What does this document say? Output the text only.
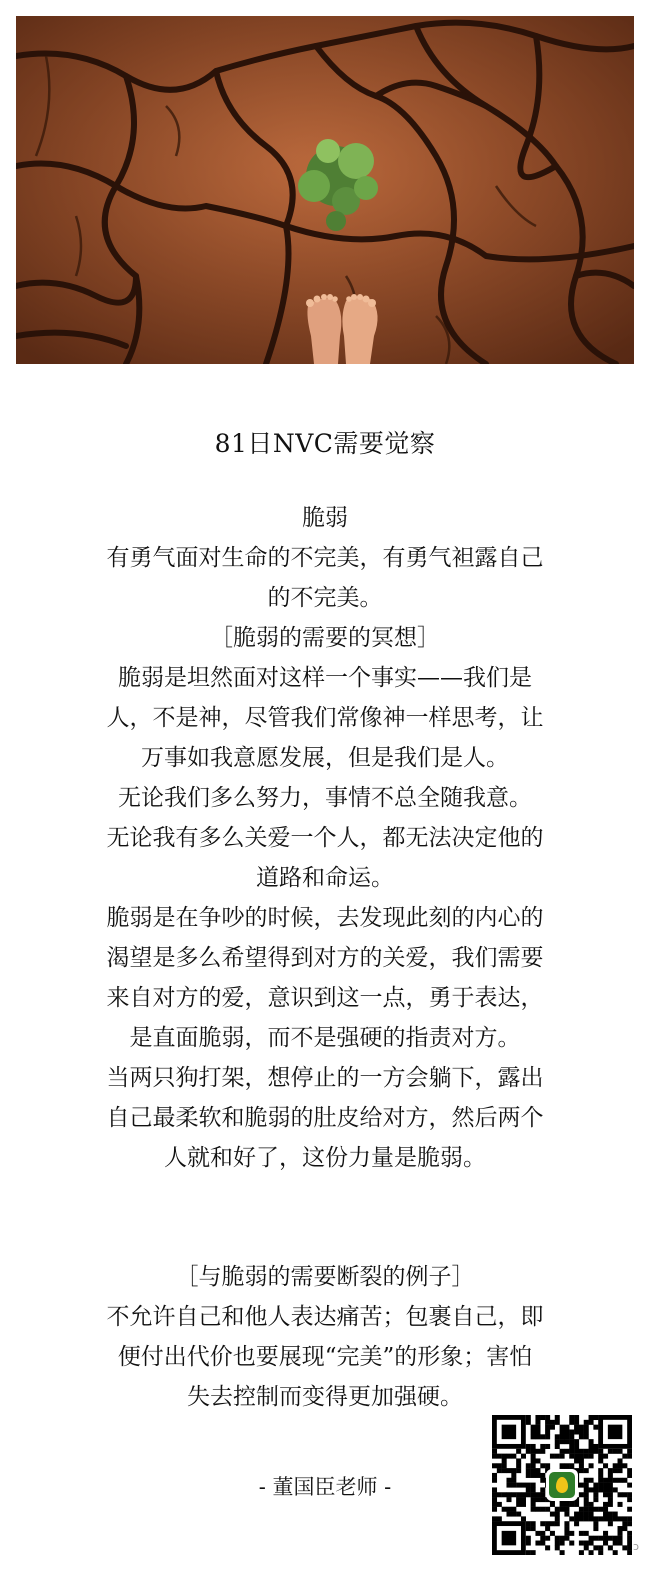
81日NVC需要觉察
脆弱
有勇气面对生命的不完美，有勇气袒露自己
的不完美。
［脆弱的需要的冥想］
脆弱是坦然面对这样一个事实——我们是
人，不是神，尽管我们常像神一样思考，让
万事如我意愿发展，但是我们是人。
无论我们多么努力，事情不总全随我意。
无论我有多么关爱一个人，都无法决定他的
道路和命运。
脆弱是在争吵的时候，去发现此刻的内心的
渴望是多么希望得到对方的关爱，我们需要
来自对方的爱，意识到这一点，勇于表达，
是直面脆弱，而不是强硬的指责对方。
当两只狗打架，想停止的一方会躺下，露出
自己最柔软和脆弱的肚皮给对方，然后两个
人就和好了，这份力量是脆弱。
［与脆弱的需要断裂的例子］
不允许自己和他人表达痛苦；包裹自己，即
便付出代价也要展现“完美”的形象；害怕
失去控制而变得更加强硬。
- 董国臣老师 -
ↄ
